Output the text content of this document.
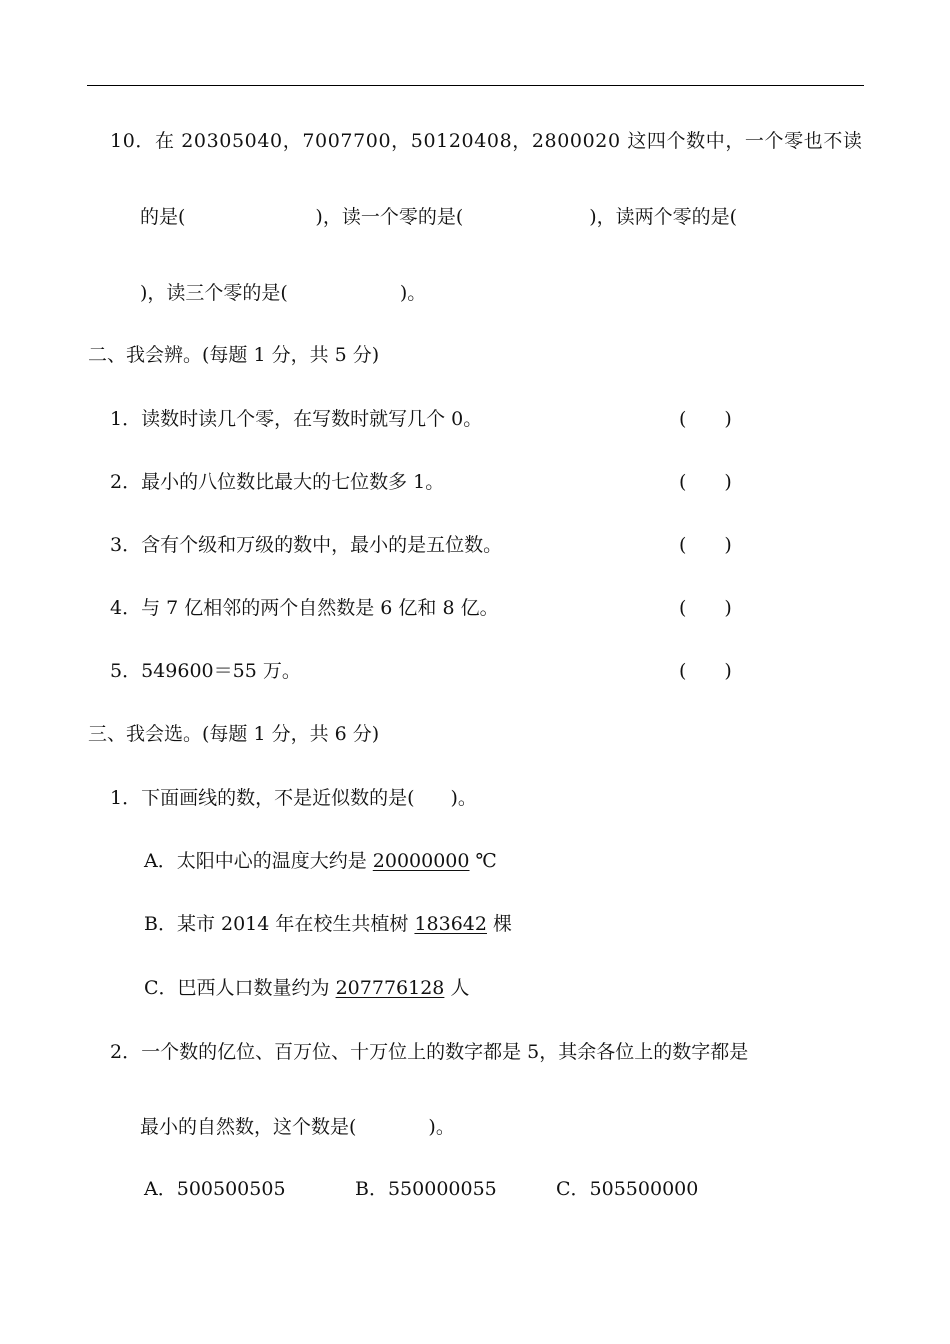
10．在 20305040，7007700，50120408，2800020 这四个数中，一个零也不读
的是(	)，读一个零的是(	)，读两个零的是(
)，读三个零的是(	)。
二、我会辨。(每题 1 分，共 5 分)
1．读数时读几个零，在写数时就写几个 0。	(　　)
2．最小的八位数比最大的七位数多 1。	(　　)
3．含有个级和万级的数中，最小的是五位数。	(　　)
4．与 7 亿相邻的两个自然数是 6 亿和 8 亿。	(　　)
5．549600＝55 万。	(　　)
三、我会选。(每题 1 分，共 6 分)
1．下面画线的数，不是近似数的是( )。
A．太阳中心的温度大约是 20000000 ℃
B．某市 2014 年在校生共植树 183642 棵
C．巴西人口数量约为 207776128 人
2．一个数的亿位、百万位、十万位上的数字都是 5，其余各位上的数字都是
最小的自然数，这个数是(	)。
A．500500505	B．550000055	C．505500000
